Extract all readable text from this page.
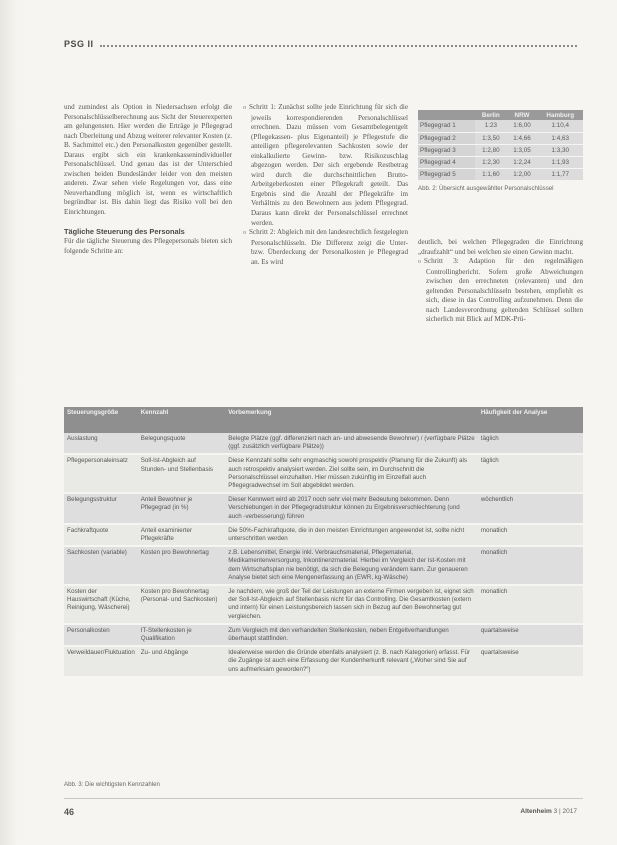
PSG II

und zumindest als Option in Niedersachsen erfolgt die Personalschlüsselberechnung aus Sicht der Steuerexperten am gelungensten. Hier werden die Erträge je Pflegegrad nach Überleitung und Abzug weiterer relevanter Kosten (z. B. Sachmittel etc.) den Personalkosten gegenüber gestellt. Daraus ergibt sich ein krankenkassenindividueller Personalschlüssel. Und genau das ist der Unterschied zwischen beiden Bundesländer leider von den meisten anderen. Zwar sehen viele Regelungen vor, dass eine Neuverhandlung möglich ist, wenn es wirtschaftlich begründbar ist. Bis dahin liegt das Risiko voll bei den Einrichtungen.

Tägliche Steuerung des Personals

Für die tägliche Steuerung des Pflegepersonals bieten sich folgende Schritte an:

o Schritt 1: Zunächst sollte jede Einrichtung für sich die jeweils korrespondierenden Personalschlüssel errechnen. Dazu müssen vom Gesamtbelegentgelt (Pflegekassen- plus Eigenanteil) je Pflegestufe die anteiligen pflegerelevanten Sachkosten sowie der einkalkulierte Gewinn- bzw. Risikozuschlag abgezogen werden. Der sich ergebende Restbetrag wird durch die durchschnittlichen Brutto-Arbeitgeberkosten einer Pflegekraft geteilt. Das Ergebnis sind die Anzahl der Pflegekräfte im Verhältnis zu den Bewohnern aus jedem Pflegegrad. Daraus kann direkt der Personalschlüssel errechnet werden.

o Schritt 2: Abgleich mit den landesrechtlich festgelegten Personalschlüsseln. Die Differenz zeigt die Unter- bzw. Überdeckung der Personalkosten je Pflegegrad an. Es wird

	Berlin	NRW	Hamburg
Pflegegrad 1	1:23	1:6,00	1:10,4
Pflegegrad 2	1:3,50	1:4,66	1:4,63
Pflegegrad 3	1:2,80	1:3,05	1:3,30
Pflegegrad 4	1:2,30	1:2,24	1:1,93
Pflegegrad 5	1:1,60	1:2,00	1:1,77
Abb. 2: Übersicht ausgewählter Personalschlüssel

deutlich, bei welchen Pflegegraden die Einrichtung „draufzahlt“ und bei welchen sie einen Gewinn macht.

o Schritt 3: Adaption für den regelmäßigen Controllingbericht. Sofern große Abweichungen zwischen den errechneten (relevanten) und den geltenden Personalschlüsseln bestehen, empfiehlt es sich, diese in das Controlling aufzunehmen. Denn die nach Landesverordnung geltenden Schlüssel sollten sicherlich mit Blick auf MDK-Prü-

Steuerungsgröße	Kennzahl	Vorbemerkung	Häufigkeit der Analyse
Auslastung	Belegungsquote	Belegte Plätze (ggf. differenziert nach an- und abwesende Bewohner) / (verfügbare Plätze (ggf. zusätzlich verfügbare Plätze))	täglich
Pflegepersonaleinsatz	Soll-Ist-Abgleich auf Stunden- und Stellenbasis	Diese Kennzahl sollte sehr engmaschig sowohl prospektiv (Planung für die Zukunft) als auch retrospektiv analysiert werden. Ziel sollte sein, im Durchschnitt die Personalschlüssel einzuhalten. Hier müssen zukünftig im Einzelfall auch Pflegegradwechsel im Soll abgebildet werden.	täglich
Belegungsstruktur	Anteil Bewohner je Pflegegrad (in %)	Dieser Kennwert wird ab 2017 noch sehr viel mehr Bedeutung bekommen. Denn Verschiebungen in der Pflegegradstruktur können zu Ergebnisverschlechterung (und auch -verbesserung) führen	wöchentlich
Fachkraftquote	Anteil examinierter Pflegekräfte	Die 50%-Fachkraftquote, die in den meisten Einrichtungen angewendet ist, sollte nicht unterschritten werden	monatlich
Sachkosten (variable)	Kosten pro Bewohnertag	z.B. Lebensmittel, Energie inkl. Verbrauchsmaterial, Pflegematerial, Medikamentenversorgung, Inkontinenzmaterial. Hierbei im Vergleich der Ist-Kosten mit dem Wirtschaftsplan nie benötigt, da sich die Belegung verändern kann. Zur genaueren Analyse bietet sich eine Mengenerfassung an (EWR, kg-Wäsche)	monatlich
Kosten der Hauswirtschaft (Küche, Reinigung, Wäscherei)	Kosten pro Bewohnertag (Personal- und Sachkosten)	Je nachdem, wie groß der Teil der Leistungen an externe Firmen vergeben ist, eignet sich der Soll-Ist-Abgleich auf Stellenbasis nicht für das Controlling. Die Gesamtkosten (extern und intern) für einen Leistungsbereich lassen sich in Bezug auf den Bewohnertag gut vergleichen.	monatlich
Personalkosten	IT-Stellenkosten je Qualifikation	Zum Vergleich mit den verhandelten Stellenkosten, neben Entgeltverhandlungen überhaupt stattfinden.	quartalsweise
Verweildauer/Fluktuation	Zu- und Abgänge	Idealerweise werden die Gründe ebenfalls analysiert (z. B. nach Kategorien) erfasst. Für die Zugänge ist auch eine Erfassung der Kundenherkunft relevant („Woher sind Sie auf uns aufmerksam geworden?“)	quartalsweise
Abb. 3: Die wichtigsten Kennzahlen
46	Altenheim 3 | 2017
